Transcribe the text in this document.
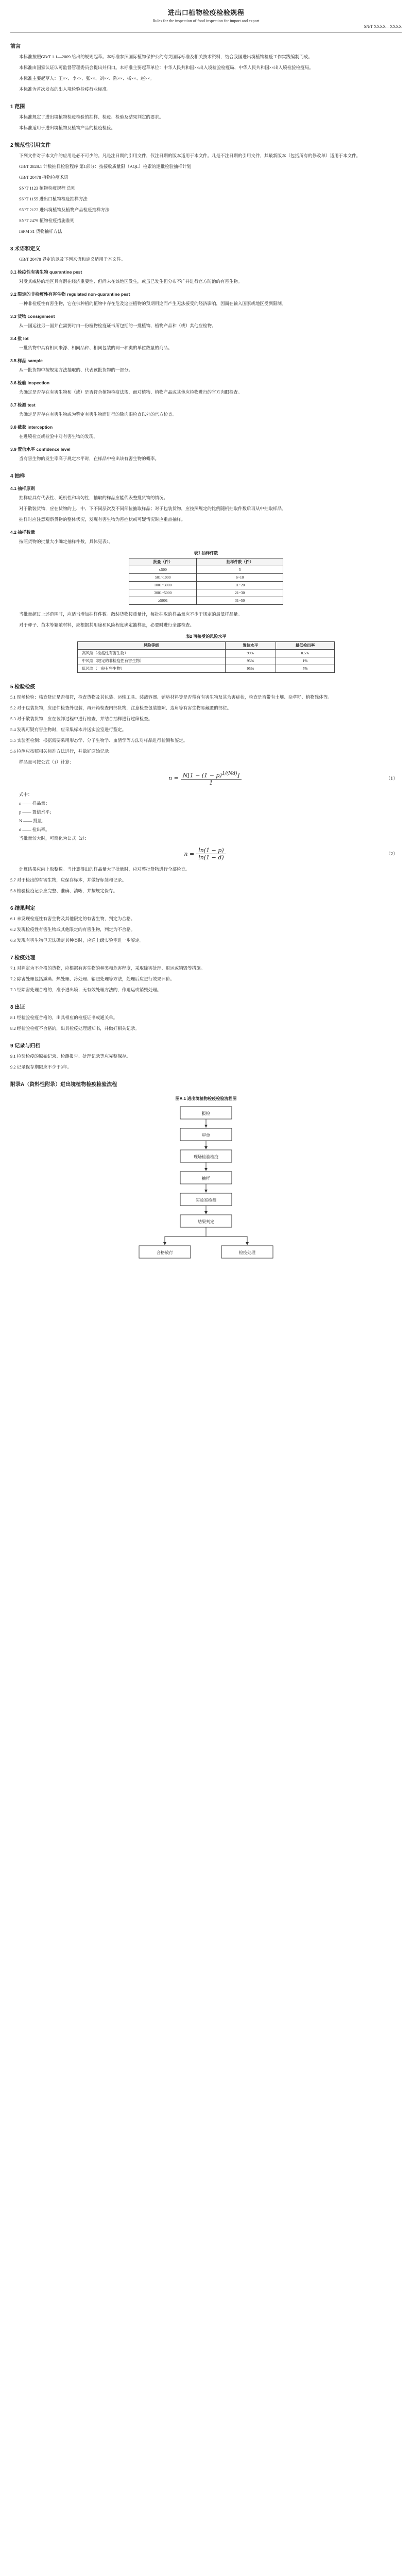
进出口植物检疫检验规程

Rules for the inspection of food inspection for import and export

SN/T XXXX—XXXX

前言

本标准按照GB/T 1.1—2009 给出的规则起草。本标准参照国际植物保护公约有关国际标准及相关技术资料，结合我国进出境植物检疫工作实践编制而成。

本标准由国家认证认可监督管理委员会提出并归口。本标准主要起草单位：中华人民共和国××出入境检验检疫局、中华人民共和国××出入境检验检疫局。

本标准主要起草人：王××、李××、张××、刘××、陈××、杨××、赵××。

本标准为首次发布的出入境检验检疫行业标准。

1 范围

本标准规定了进出境植物检疫检验的抽样、检疫、检验及结果判定的要求。

本标准适用于进出境植物及植物产品的检疫检验。

2 规范性引用文件

下列文件对于本文件的应用是必不可少的。凡是注日期的引用文件，仅注日期的版本适用于本文件。凡是不注日期的引用文件，其最新版本（包括所有的修改单）适用于本文件。

GB/T 2828.1 计数抽样检验程序 第1部分：按接收质量限（AQL）检索的逐批检验抽样计划

GB/T 20478 植物检疫术语

SN/T 1123 植物检疫规程 总则

SN/T 1155 进出口植物检疫抽样方法

SN/T 2122 进出境植物及植物产品检疫抽样方法

SN/T 2479 植物检疫措施准则

ISPM 31 货物抽样方法

3 术语和定义

GB/T 20478 界定的以及下列术语和定义适用于本文件。

3.1 检疫性有害生物 quarantine pest

对受其威胁的地区具有潜在经济重要性、但尚未在该地区发生，或虽已发生但分布不广并进行官方防治的有害生物。

3.2 限定的非检疫性有害生物 regulated non-quarantine pest

一种非检疫性有害生物，它在供种植的植物中存在危及这些植物的预期用途而产生无法接受的经济影响，因而在输入国家或地区受到限制。

3.3 货物 consignment

从一国运往另一国并在需要时由一份植物检疫证书所包括的一批植物、植物产品和（或）其他应检物。

3.4 批 lot

一批货物中具有相同来源、相同品种、相同包装的同一种类的单位数量的商品。

3.5 样品 sample

从一批货物中按规定方法抽取的、代表该批货物的一部分。

3.6 检验 inspection

为确定是否存在有害生物和（或）是否符合植物检疫法规，而对植物、植物产品或其他应检物进行的官方肉眼检查。

3.7 检测 test

为确定是否存在有害生物或为鉴定有害生物而进行的除肉眼检查以外的官方检查。

3.8 截获 interception

在进境检查或检验中对有害生物的发现。

3.9 置信水平 confidence level

当有害生物的发生率高于规定水平时，在样品中检出该有害生物的概率。

4 抽样
4.1 抽样原则

抽样应具有代表性、随机性和均匀性，抽取的样品应能代表整批货物的情况。

对于散装货物，应在货物的上、中、下不同层次及不同部位抽取样品；对于包装货物，应按照规定的比例随机抽取件数后再从中抽取样品。

抽样时应注意观察货物的整体状况，发现有害生物为害症状或可疑情况时应重点抽样。

4.2 抽样数量

按照货物的批量大小确定抽样件数，具体见表1。

表1 抽样件数
批量（件）	抽样件数（件）
≤500	5
501~1000	6~10
1001~3000	11~20
3001~5000	21~30
≥5001	31~50

当批量超过上述范围时，应适当增加抽样件数。散装货物按重量计，每批抽取的样品量应不少于规定的最低样品量。

对于种子、苗木等繁殖材料，应根据其用途和风险程度确定抽样量，必要时进行全部检查。

表2 可接受的风险水平
风险等级	置信水平	最低检出率
高风险（检疫性有害生物）	99%	0.5%
中风险（限定的非检疫性有害生物）	95%	1%
低风险（一般有害生物）	95%	5%
5 检验检疫

5.1 现场检验：核查货证是否相符，检查货物及其包装、运输工具、装载容器、铺垫材料等是否带有有害生物及其为害症状，检查是否带有土壤、杂草籽、植物残体等。

5.2 对于包装货物，应逐件检查外包装，再开箱检查内部货物，注意检查包装缝隙、边角等有害生物易藏匿的部位。

5.3 对于散装货物，应在装卸过程中进行检查，并结合抽样进行过筛检查。

5.4 发现可疑有害生物时，应采集标本并送实验室进行鉴定。

5.5 实验室检测：根据需要采用形态学、分子生物学、血清学等方法对样品进行检测和鉴定。

5.6 检测应按照相关标准方法进行，并做好原始记录。

样品量可按公式（1）计算：

$n = \frac{N[1 - (1 - p)^{1/(Nd)}]}{1}$	（1）

式中：

n —— 样品量；

p —— 置信水平；

N —— 批量；

d —— 检出率。

当批量较大时，可简化为公式（2）：

$n = \frac{\ln(1 - p)}{\ln(1 - d)}$	（2）

计算结果应向上取整数。当计算得出的样品量大于批量时，应对整批货物进行全部检查。

5.7 对于检出的有害生物，应保存标本，并做好标签和记录。

5.8 检验检疫记录应完整、准确、清晰，并按规定保存。

6 结果判定

6.1 未发现检疫性有害生物及其他限定的有害生物，判定为合格。

6.2 发现检疫性有害生物或其他限定的有害生物，判定为不合格。

6.3 发现有害生物但无法确定其种类时，应送上级实验室进一步鉴定。

7 检疫处理

7.1 对判定为不合格的货物，应根据有害生物的种类和危害程度，采取除害处理、退运或销毁等措施。

7.2 除害处理包括熏蒸、热处理、冷处理、辐照处理等方法，处理后应进行效果评价。

7.3 经除害处理合格的，准予进出境；无有效处理方法的，作退运或销毁处理。

8 出证

8.1 经检验检疫合格的，出具相应的检疫证书或通关单。

8.2 经检验检疫不合格的，出具检疫处理通知书，并做好相关记录。

9 记录与归档

9.1 检验检疫的原始记录、检测报告、处理记录等应完整保存。

9.2 记录保存期限应不少于3年。

附录A（资料性附录）进出境植物检疫检验流程
图A.1 进出境植物检疫检验流程图
报检
审单
现场检验检疫
抽样
实验室检测
结果判定
合格放行	检疫处理
